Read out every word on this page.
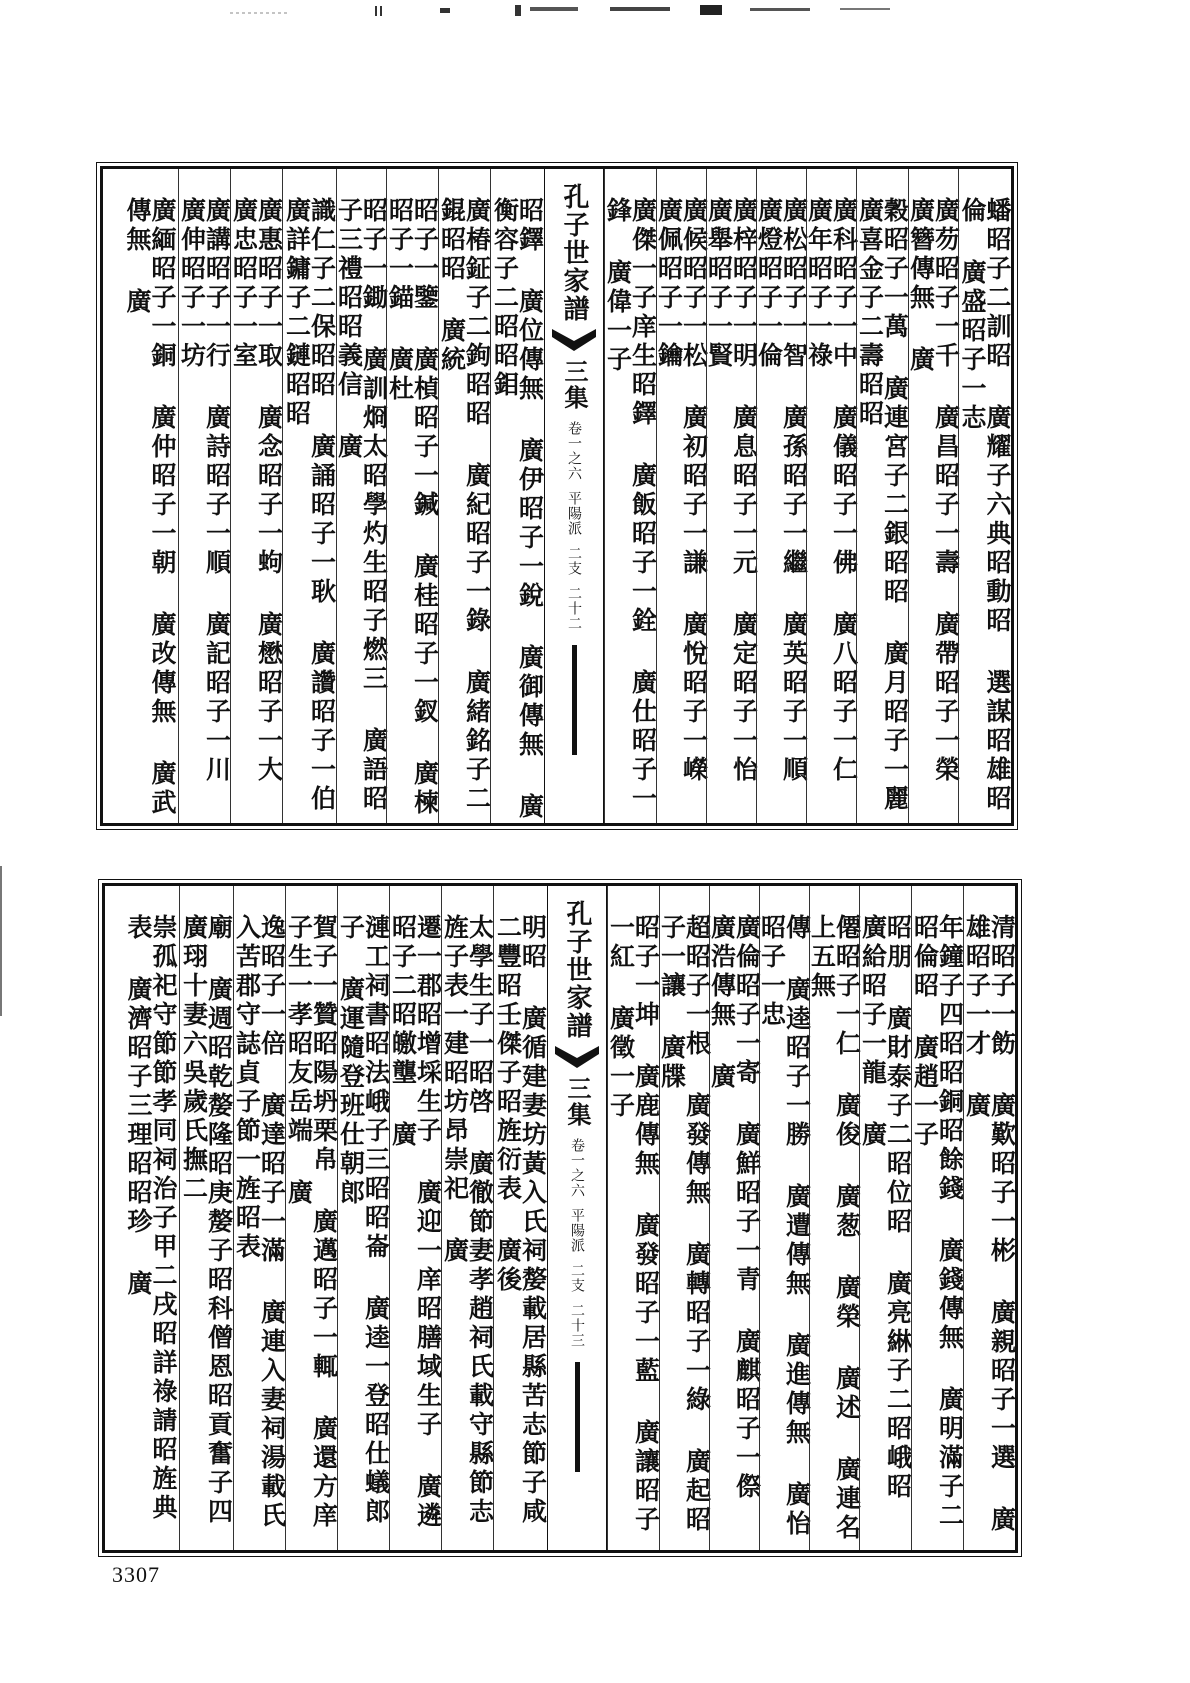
蟠昭子二訓昭 廣耀子六典昭動昭 選謀昭雄昭倫 廣盛昭子一志
廣芴昭子一千 廣昌昭子一壽 廣帶昭子一榮 廣簪傳無 廣
穀昭子一萬 廣連宮子二銀昭昭 廣月昭子一麗 廣喜金子二壽昭昭
廣科昭子一中 廣儀昭子一佛 廣八昭子一仁 廣年昭子一祿
廣松昭子一智 廣孫昭子一繼 廣英昭子一順 廣燈昭子一倫
廣梓昭子一明 廣息昭子一元 廣定昭子一怡 廣舉昭子一賢
廣候昭子一松 廣初昭子一謙 廣悅昭子一嶸 廣佩昭子一鑰
廣傑一子庠生昭鐸 廣飯昭子一銓 廣仕昭子一鋒 廣偉一子
孔子世家譜
三集
卷一之六
平陽派
二支
二十二
昭鐸 廣位傳無 廣伊昭子一銳 廣御傳無 廣衡容子二昭昭鉬
廣椿鉦子二鉤昭昭 廣紀昭子一錄 廣緒銘子二錕昭昭 廣統
昭子一鑒 廣楨昭子一鍼 廣桂昭子一釵 廣楝昭子一錨 廣杜
昭子一鋤 廣訓烱太昭學灼生昭子燃三 廣語昭子三禮昭昭義信 廣
識仁子二保昭昭 廣誦昭子一耿 廣讚昭子一伯 廣詳鏞子二鏈昭昭
廣惠昭子一取 廣念昭子一蚼 廣懋昭子一大 廣忠昭子一室
廣講昭子一行 廣詩昭子一順 廣記昭子一川 廣伸昭子一坊
廣緬昭子一銅 廣仲昭子一朝 廣改傳無 廣武傳無 廣
清昭子一飭 廣歎昭子一彬 廣親昭子一選 廣雄昭子一才 廣
年鐘子四昭昭銅昭餘錢 廣錢傳無 廣明滿子二昭倫昭 廣趙一子
昭朋 廣財泰子二昭位昭 廣亮綝子二昭峨昭 廣給昭子一龍 廣
僊昭子一仁 廣俊 廣葱 廣榮 廣述 廣連名上五無
傳 廣逵昭子一勝 廣遭傳無 廣進傳無 廣怡昭子一忠
廣倫昭子一寄 廣鮮昭子一青 廣麒昭子一傺 廣浩傳無 廣
超昭子一根 廣發傳無 廣轉昭子一綠 廣起昭子一讓 廣牒
昭子一坤 廣鹿傳無 廣發昭子一藍 廣讓昭子一紅 廣徵一子
孔子世家譜
三集
卷一之六
平陽派
二支
二十三
明昭 廣循建妻坊黃入氏祠嫠載居縣苦志節子咸二豐昭壬傑子昭旌衍表 廣後
太學生子一昭啓 廣徹節妻孝趙祠氏載守縣節志旌子表一建昭坊昂崇祀 廣
遷一郡昭增埰生子 廣迎一庠昭膳域生子 廣遴昭子二昭皦壟 廣
漣工祠書昭法峨子三昭昭崙 廣逵一登昭仕蟻郎子 廣運隨登班仕朝郎
賀子一贊昭陽坍栗帛 廣邁昭子一輒 廣還方庠子生一孝昭友岳端 廣
逸昭子一倍 廣達昭子一滿 廣連入妻祠湯載氏入苦郡守誌貞子節一旌昭表
廟 廣週昭乾嫠隆昭庚嫠子昭科僧恩昭貢奮子四 廣珝十妻六吳歲氏撫二
崇孤祀守節節孝同祠治子甲二戌昭詳祿請昭旌典表 廣濟昭子三理昭昭珍 廣
3307
